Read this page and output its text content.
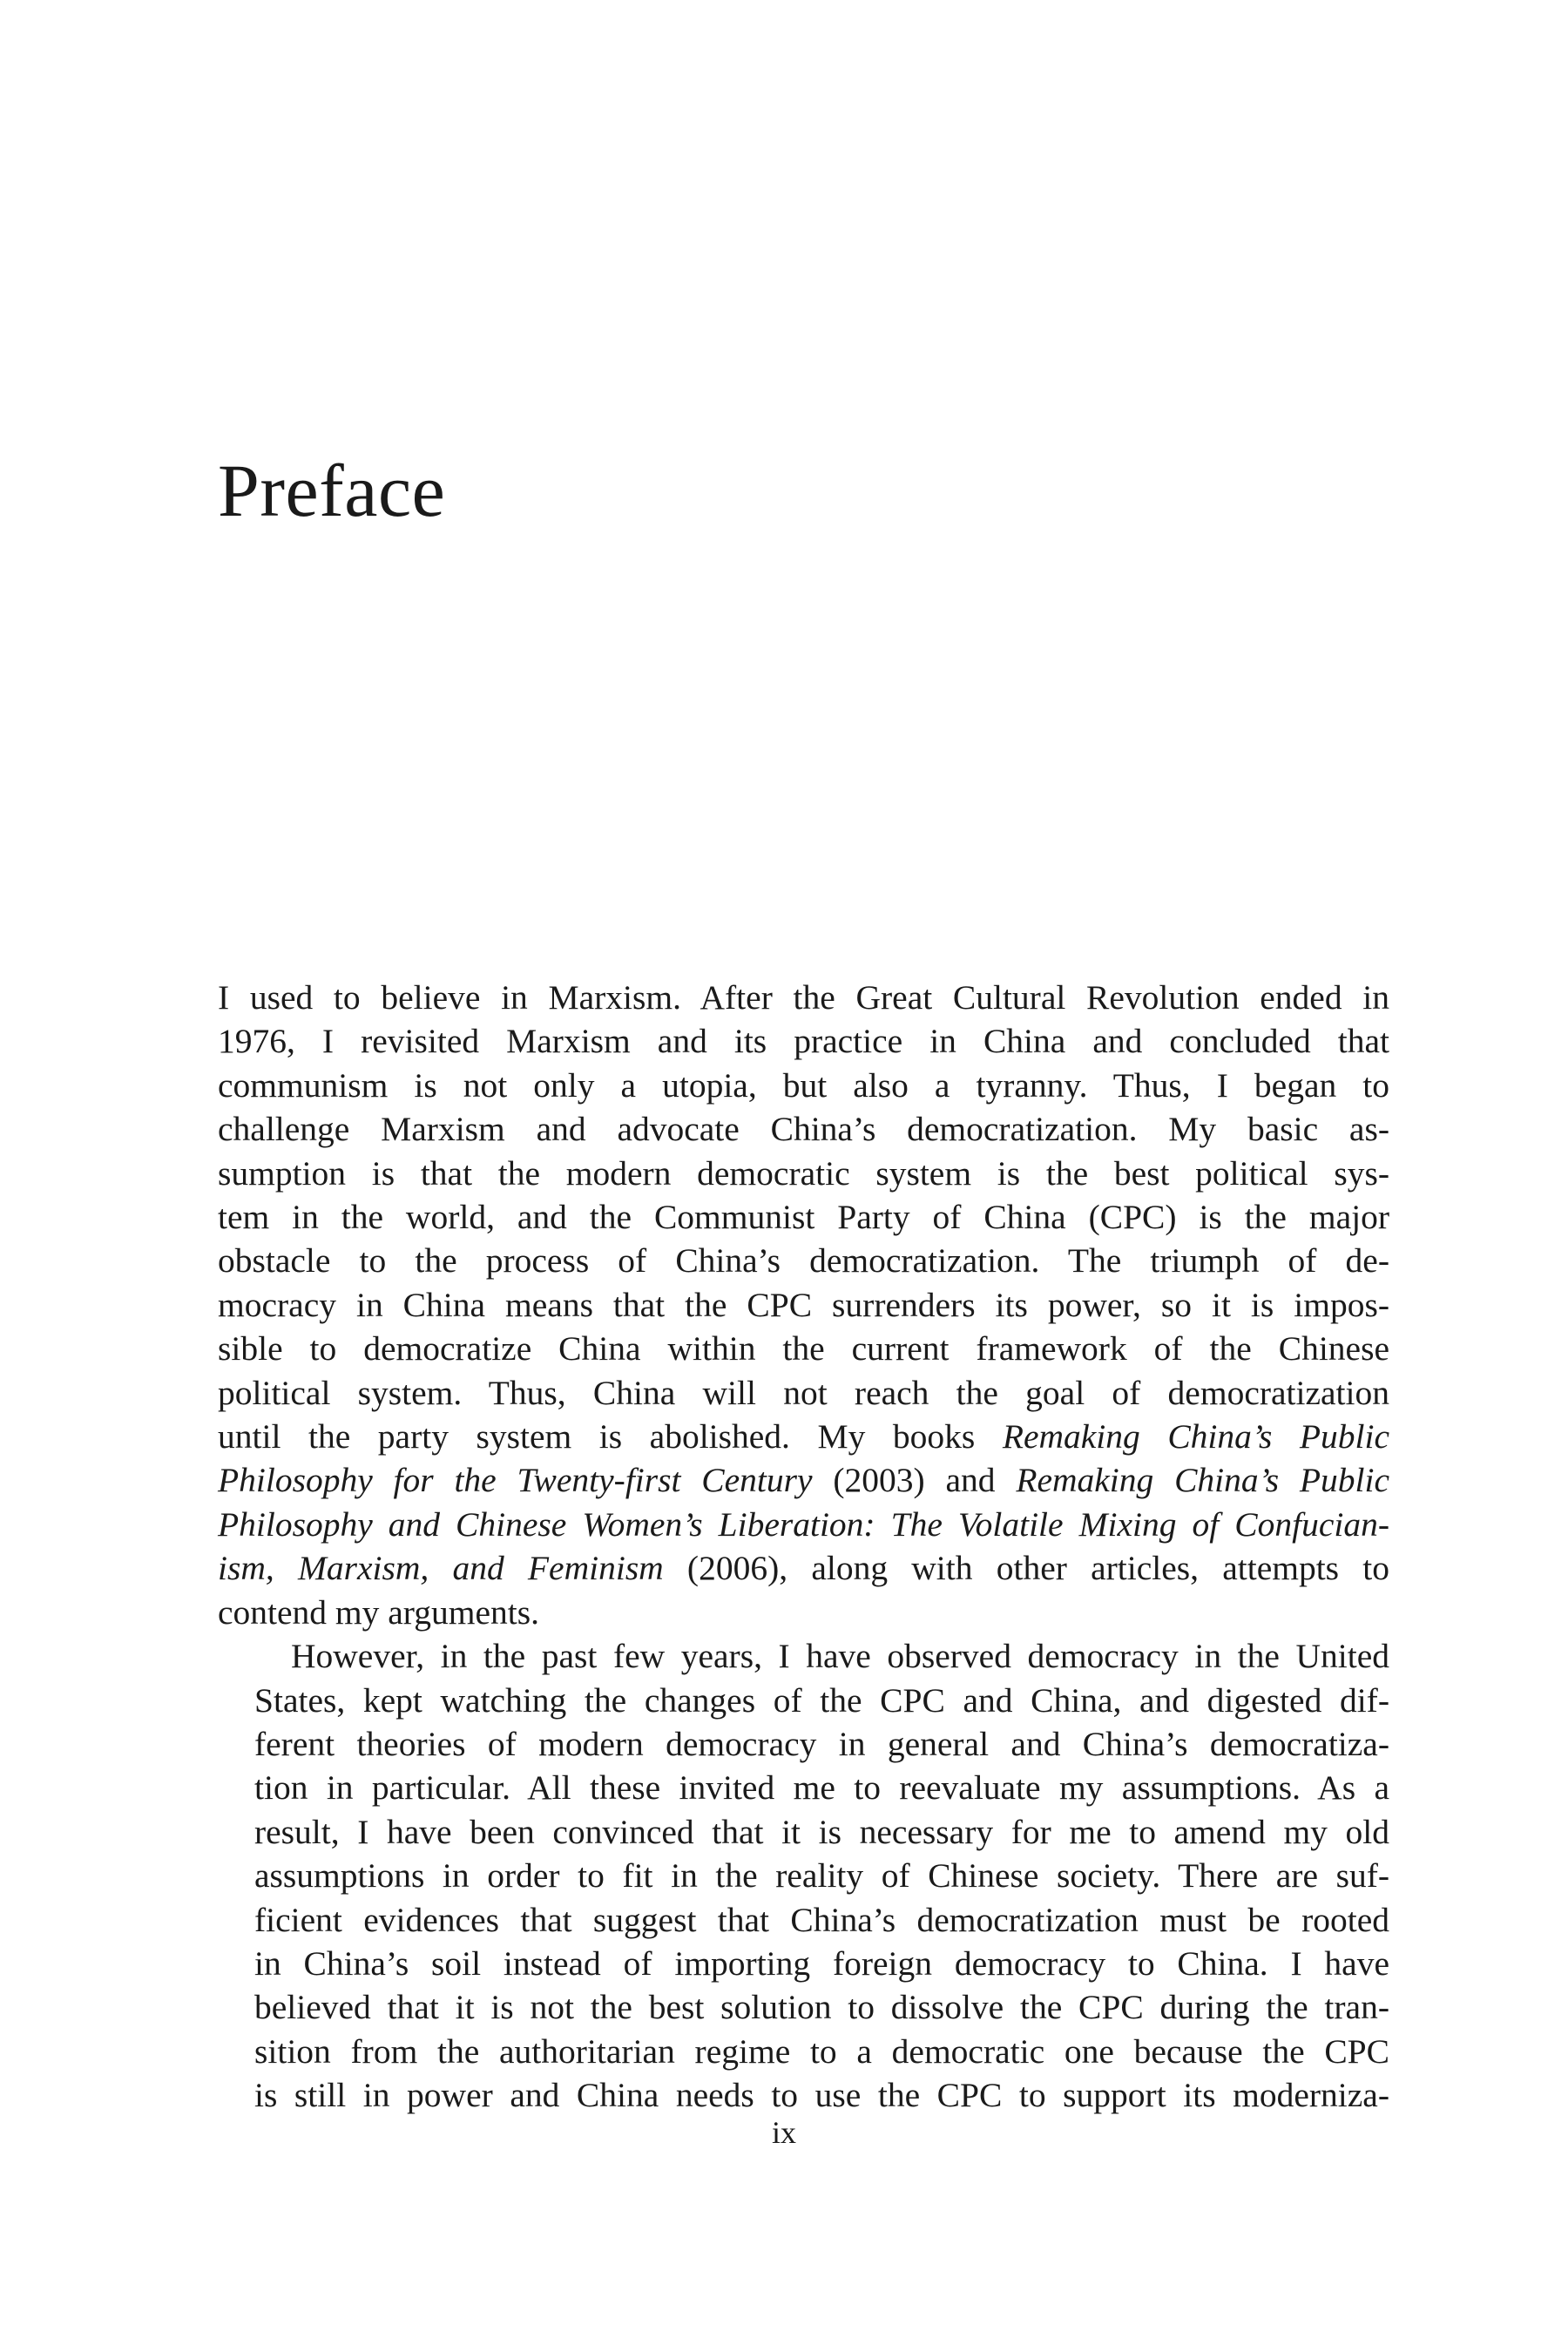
Preface

I used to believe in Marxism. After the Great Cultural Revolution ended in
1976, I revisited Marxism and its practice in China and concluded that
communism is not only a utopia, but also a tyranny. Thus, I began to
challenge Marxism and advocate China’s democratization. My basic as-
sumption is that the modern democratic system is the best political sys-
tem in the world, and the Communist Party of China (CPC) is the major
obstacle to the process of China’s democratization. The triumph of de-
mocracy in China means that the CPC surrenders its power, so it is impos-
sible to democratize China within the current framework of the Chinese
political system. Thus, China will not reach the goal of democratization
until the party system is abolished. My books Remaking China’s Public
Philosophy for the Twenty-first Century (2003) and Remaking China’s Public
Philosophy and Chinese Women’s Liberation: The Volatile Mixing of Confucian-
ism, Marxism, and Feminism (2006), along with other articles, attempts to
contend my arguments.

However, in the past few years, I have observed democracy in the United
States, kept watching the changes of the CPC and China, and digested dif-
ferent theories of modern democracy in general and China’s democratiza-
tion in particular. All these invited me to reevaluate my assumptions. As a
result, I have been convinced that it is necessary for me to amend my old
assumptions in order to fit in the reality of Chinese society. There are suf-
ficient evidences that suggest that China’s democratization must be rooted
in China’s soil instead of importing foreign democracy to China. I have
believed that it is not the best solution to dissolve the CPC during the tran-
sition from the authoritarian regime to a democratic one because the CPC
is still in power and China needs to use the CPC to support its moderniza-

ix
